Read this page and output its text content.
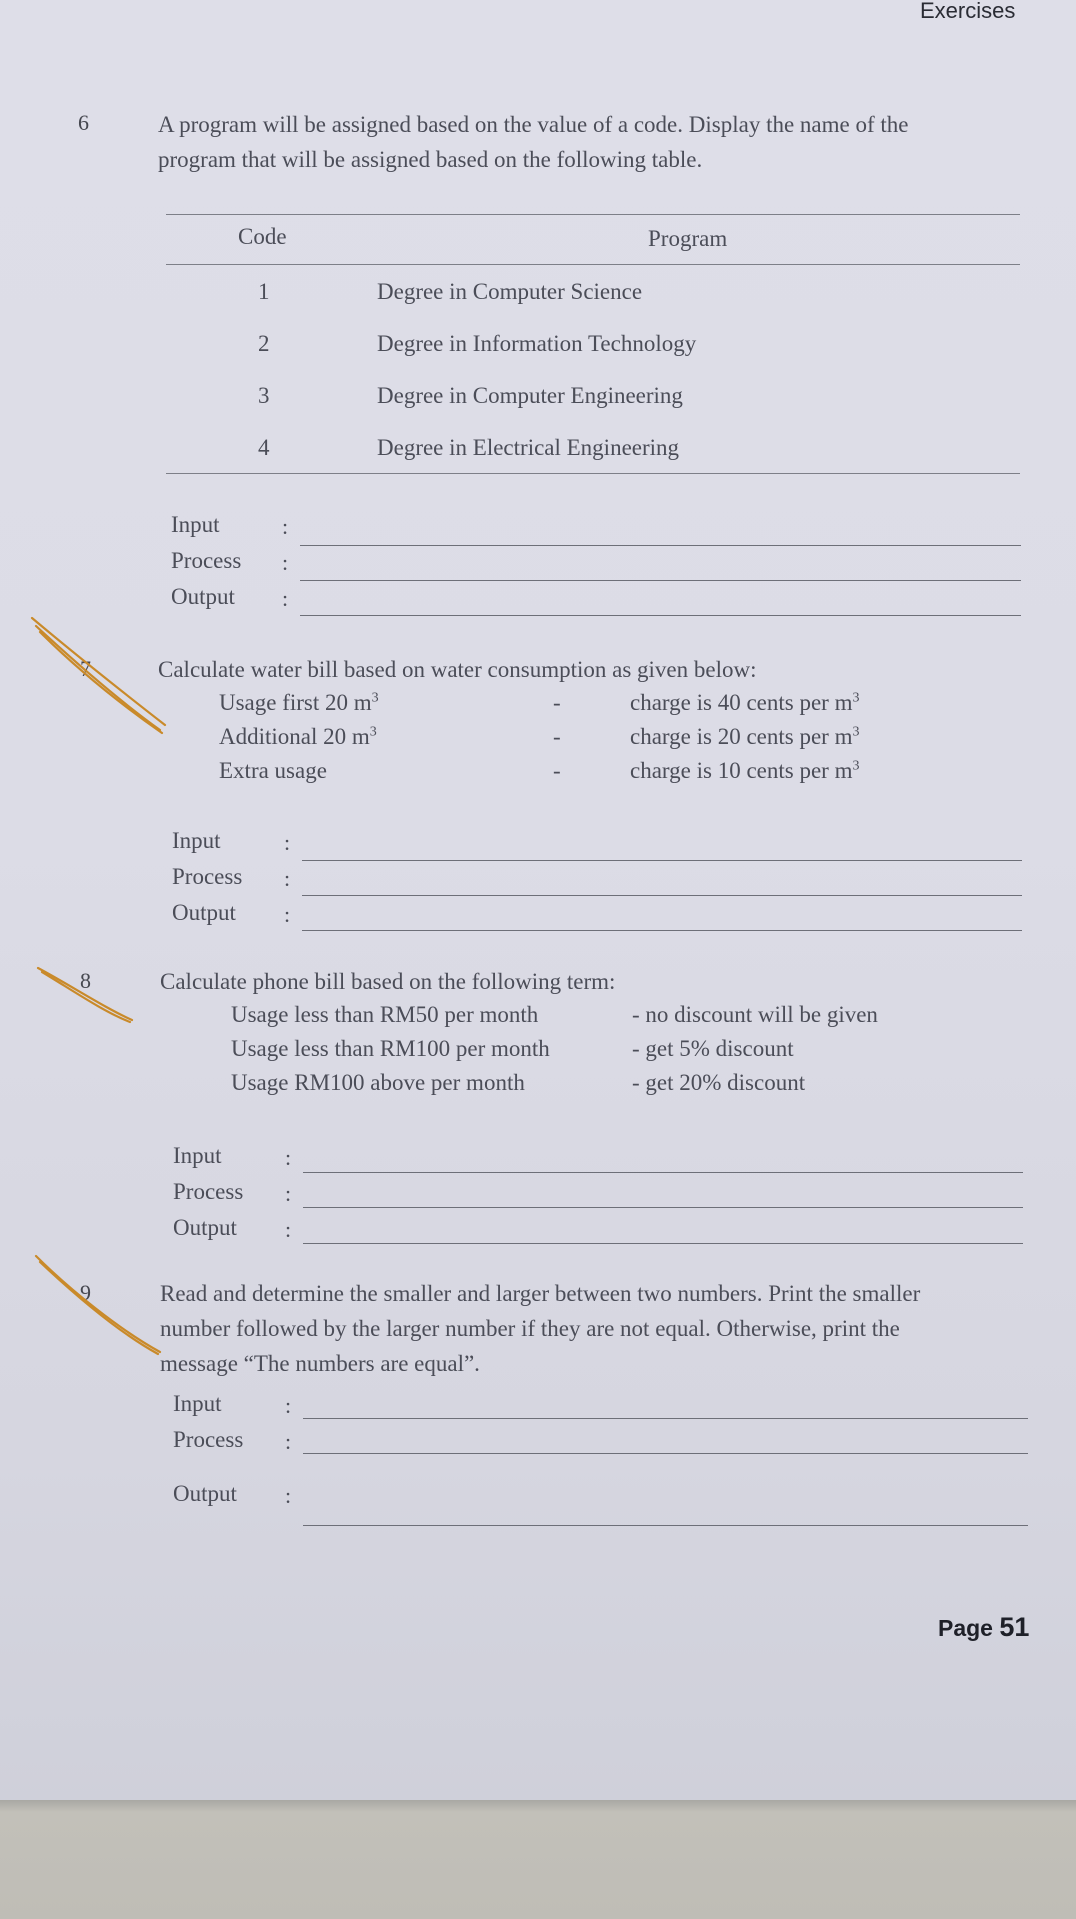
Exercises
6	A program will be assigned based on the value of a code. Display the name of the
program that will be assigned based on the following table.
Code	Program
1	Degree in Computer Science
2	Degree in Information Technology
3	Degree in Computer Engineering
4	Degree in Electrical Engineering
Input	:
Process :
Output :
7	Calculate water bill based on water consumption as given below:
Usage first 20 $m^3$	-	charge is 40 cents per $m^3$
Additional 20 $m^3$	-	charge is 20 cents per $m^3$
Extra usage	-	charge is 10 cents per $m^3$
Input	:
Process :
Output :
8	Calculate phone bill based on the following term:
Usage less than RM50 per month	- no discount will be given
Usage less than RM100 per month	- get 5% discount
Usage RM100 above per month	- get 20% discount
Input	:
Process :
Output :
9	Read and determine the smaller and larger between two numbers. Print the smaller
number followed by the larger number if they are not equal. Otherwise, print the
message “The numbers are equal”.
Input	:
Process :
Output :
Page 51
